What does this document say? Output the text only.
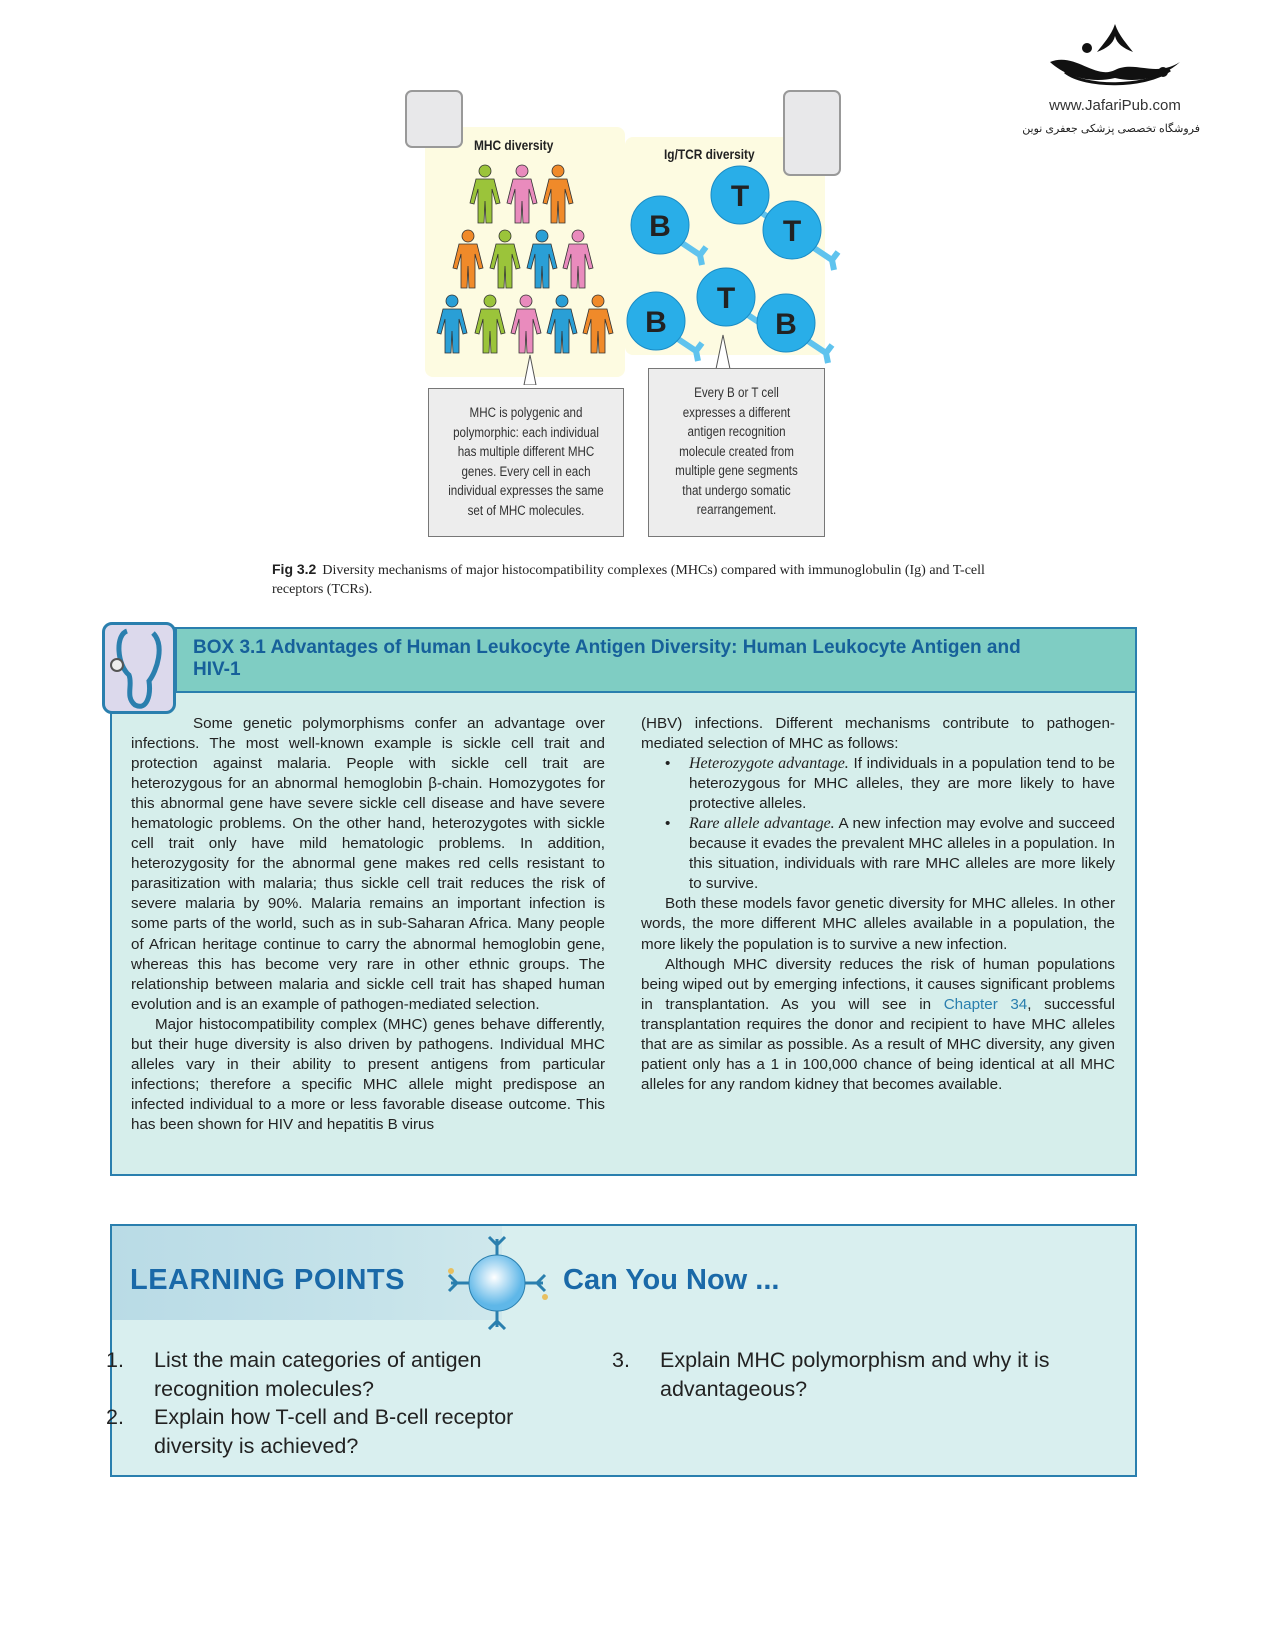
www.JafariPub.com
فروشگاه تخصصی پزشکی جعفری نوین
B
T
T
T
B	B
MHC diversity
Ig/TCR diversity
MHC is polygenic and polymorphic: each individual has multiple different MHC genes. Every cell in each individual expresses the same set of MHC molecules.
Every B or T cell expresses a different antigen recognition molecule created from multiple gene segments that undergo somatic rearrangement.
Fig 3.2 Diversity mechanisms of major histocompatibility complexes (MHCs) compared with immunoglobulin (Ig) and T-cell receptors (TCRs).
BOX 3.1 Advantages of Human Leukocyte Antigen Diversity: Human Leukocyte Antigen and HIV-1

Some genetic polymorphisms confer an advantage over infections. The most well-known example is sickle cell trait and protection against malaria. People with sickle cell trait are heterozygous for an abnormal hemoglobin β-chain. Homozygotes for this abnormal gene have severe sickle cell disease and have severe hematologic problems. On the other hand, heterozygotes with sickle cell trait only have mild hematologic problems. In addition, heterozygosity for the abnormal gene makes red cells resistant to parasitization with malaria; thus sickle cell trait reduces the risk of severe malaria by 90%. Malaria remains an important infection is some parts of the world, such as in sub-Saharan Africa. Many people of African heritage continue to carry the abnormal hemoglobin gene, whereas this has become very rare in other ethnic groups. The relationship between malaria and sickle cell trait has shaped human evolution and is an example of pathogen-mediated selection.

Major histocompatibility complex (MHC) genes behave differently, but their huge diversity is also driven by pathogens. Individual MHC alleles vary in their ability to present antigens from particular infections; therefore a specific MHC allele might predispose an infected individual to a more or less favorable disease outcome. This has been shown for HIV and hepatitis B virus

(HBV) infections. Different mechanisms contribute to pathogen-mediated selection of MHC as follows:

• Heterozygote advantage. If individuals in a population tend to be heterozygous for MHC alleles, they are more likely to have protective alleles.
• Rare allele advantage. A new infection may evolve and succeed because it evades the prevalent MHC alleles in a population. In this situation, individuals with rare MHC alleles are more likely to survive.

Both these models favor genetic diversity for MHC alleles. In other words, the more different MHC alleles available in a population, the more likely the population is to survive a new infection.

Although MHC diversity reduces the risk of human populations being wiped out by emerging infections, it causes significant problems in transplantation. As you will see in Chapter 34, successful transplantation requires the donor and recipient to have MHC alleles that are as similar as possible. As a result of MHC diversity, any given patient only has a 1 in 100,000 chance of being identical at all MHC alleles for any random kidney that becomes available.

LEARNING POINTS	Can You Now ...
1. List the main categories of antigen recognition molecules?
2. Explain how T-cell and B-cell receptor diversity is achieved?
3. Explain MHC polymorphism and why it is advantageous?
